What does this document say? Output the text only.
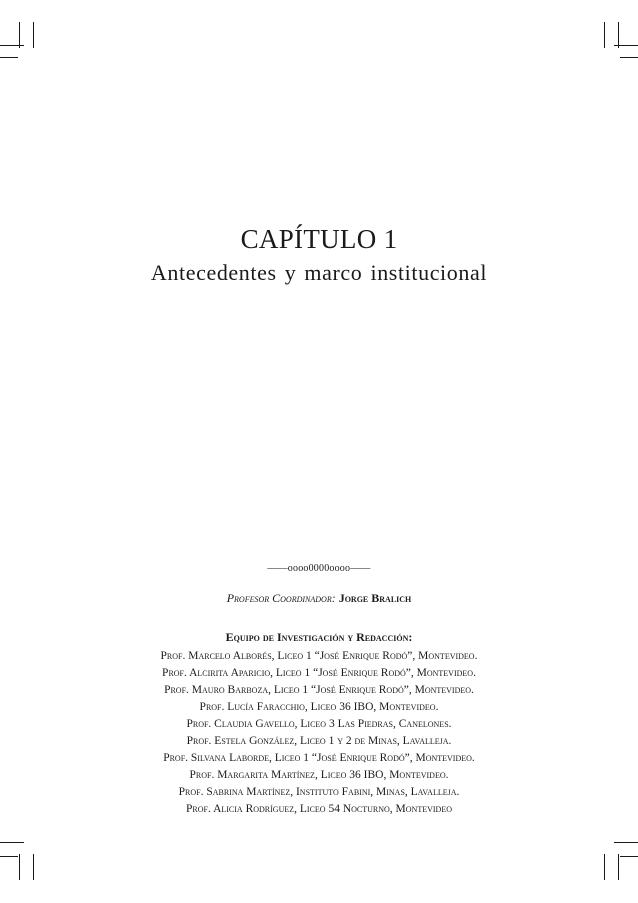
CAPÍTULO 1
Antecedentes y marco institucional
——oooo0000oooo——
Profesor Coordinador: Jorge Bralich
Equipo de Investigación y Redacción:
Prof. Marcelo Alborés, Liceo 1 “José Enrique Rodó”, Montevideo.
Prof. Alcirita Aparicio, Liceo 1 “José Enrique Rodó”, Montevideo.
Prof. Mauro Barboza, Liceo 1 “José Enrique Rodó”, Montevideo.
Prof. Lucía Faracchio, Liceo 36 IBO, Montevideo.
Prof. Claudia Gavello, Liceo 3 Las Piedras, Canelones.
Prof. Estela González, Liceo 1 y 2 de Minas, Lavalleja.
Prof. Silvana Laborde, Liceo 1 “José Enrique Rodó”, Montevideo.
Prof. Margarita Martínez, Liceo 36 IBO, Montevideo.
Prof. Sabrina Martínez, Instituto Fabini, Minas, Lavalleja.
Prof. Alicia Rodríguez, Liceo 54 Nocturno, Montevideo
